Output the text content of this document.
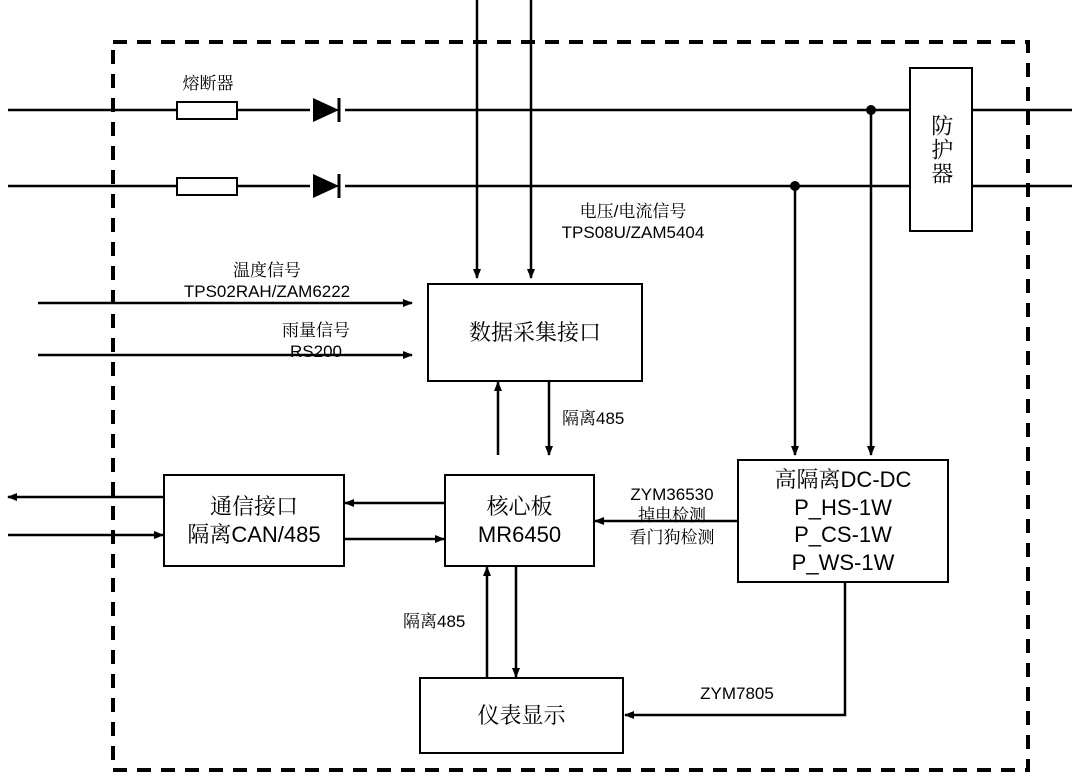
熔断器
防护器
电压/电流信号
TPS08U/ZAM5404
温度信号
TPS02RAH/ZAM6222
雨量信号
RS200
数据采集接口
隔离485
通信接口
隔离CAN/485
核心板
MR6450
高隔离DC-DC
P_HS-1W
P_CS-1W
P_WS-1W
ZYM36530
掉电检测
看门狗检测
隔离485
仪表显示
ZYM7805
